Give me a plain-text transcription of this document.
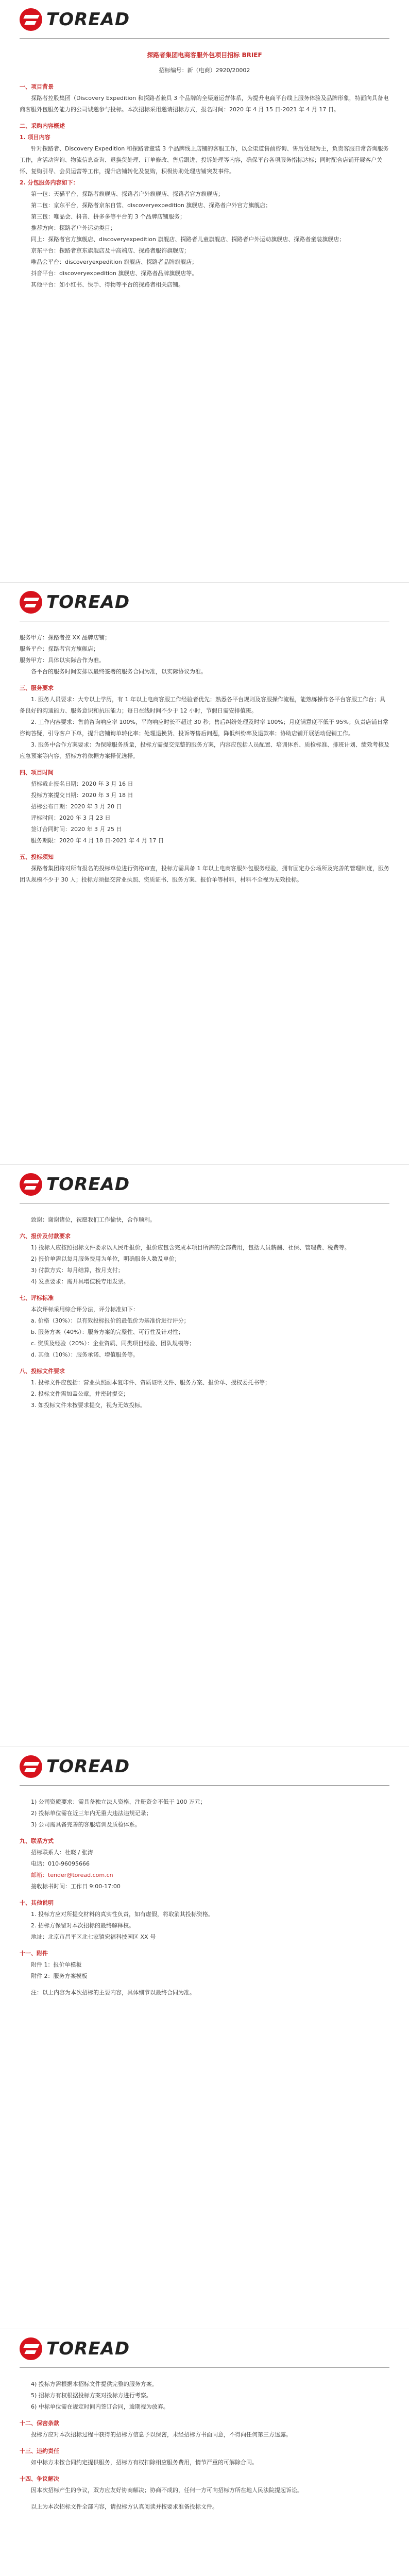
TOREAD

探路者集团电商客服外包项目招标 BRIEF

招标编号：新（电商）2920/20002

一、项目背景

探路者控股集团（Discovery Expedition 和探路者兼具 3 个品牌的全渠道运营体系，为提升电商平台线上服务体验及品牌形象，特面向具备电商客服外包服务能力的公司诚邀参与投标。本次招标采用邀请招标方式，报名时间：2020 年 4 月 15 日-2021 年 4 月 17 日。

二、采购内容概述

1. 项目内容

针对探路者、Discovery Expedition 和探路者童装 3 个品牌线上店铺的客服工作，以全渠道售前咨询、售后处理为主，负责客服日常咨询服务工作，含活动咨询、物流信息查询、退换货处理、订单修改、售后跟进、投诉处理等内容，确保平台各项服务指标达标；同时配合店铺开展客户关怀、复购引导、会员运营等工作，提升店铺转化及复购，积极协助处理店铺突发事件。

2. 分包服务内容如下：

第一包：天猫平台，探路者旗舰店、探路者户外旗舰店、探路者官方旗舰店；

第二包：京东平台，探路者京东自营、discoveryexpedition 旗舰店、探路者户外官方旗舰店；

第三包：唯品会、抖音、拼多多等平台的 3 个品牌店铺服务；

推荐方向：探路者户外运动类目；

同上：探路者官方旗舰店、discoveryexpedition 旗舰店、探路者儿童旗舰店、探路者户外运动旗舰店、探路者童装旗舰店；

京东平台：探路者京东旗舰店及中高端店、探路者服饰旗舰店；

唯品会平台：discoveryexpedition 旗舰店、探路者品牌旗舰店；

抖音平台：discoveryexpedition 旗舰店、探路者品牌旗舰店等。

其他平台：如小红书、快手、得物等平台的探路者相关店铺。

TOREAD

服务甲方：探路者控 XX 品牌店铺；

服务平台：探路者官方旗舰店；

服务甲方：具体以实际合作为准。

各平台的服务时间安排以最终签署的服务合同为准，以实际协议为准。

三、服务要求

1. 服务人员要求：大专以上学历，有 1 年以上电商客服工作经验者优先；熟悉各平台规则及客服操作流程，能熟练操作各平台客服工作台；具备良好的沟通能力、服务意识和抗压能力；每日在线时间不少于 12 小时，节假日需安排值班。

2. 工作内容要求：售前咨询响应率 100%，平均响应时长不超过 30 秒；售后纠纷处理及时率 100%；月度满意度不低于 95%；负责店铺日常咨询答疑，引导客户下单，提升店铺询单转化率；处理退换货、投诉等售后问题，降低纠纷率及退款率；协助店铺开展活动促销工作。

3. 服务中合作方案要求：为保障服务质量，投标方需提交完整的服务方案，内容应包括人员配置、培训体系、质检标准、排班计划、绩效考核及应急预案等内容，招标方将依据方案择优选择。

四、项目时间

招标截止报名日期：2020 年 3 月 16 日

投标方案提交日期：2020 年 3 月 18 日

招标公布日期：2020 年 3 月 20 日

评标时间：2020 年 3 月 23 日

签订合同时间：2020 年 3 月 25 日

服务期限：2020 年 4 月 18 日-2021 年 4 月 17 日

五、投标须知

探路者集团将对所有报名的投标单位进行资格审查，投标方需具备 1 年以上电商客服外包服务经验，拥有固定办公场所及完善的管理制度，服务团队规模不少于 30 人；投标方须提交营业执照、资质证书、服务方案、报价单等材料，材料不全视为无效投标。

TOREAD

致谢：谢谢诸位，祝愿我们工作愉快，合作顺利。

六、报价及付款要求

1) 投标人应按照招标文件要求以人民币报价，报价应包含完成本项目所需的全部费用，包括人员薪酬、社保、管理费、税费等。

2) 报价单需以每月服务费用为单位，明确服务人数及单价；

3) 付款方式：每月结算，按月支付；

4) 发票要求：需开具增值税专用发票。

七、评标标准

本次评标采用综合评分法，评分标准如下：

a. 价格（30%）：以有效投标报价的最低价为基准价进行评分；

b. 服务方案（40%）：服务方案的完整性、可行性及针对性；

c. 资质及经验（20%）：企业资质、同类项目经验、团队规模等；

d. 其他（10%）：服务承诺、增值服务等。

八、投标文件要求

1. 投标文件应包括：营业执照副本复印件、资质证明文件、服务方案、报价单、授权委托书等；

2. 投标文件需加盖公章，并密封提交；

3. 如投标文件未按要求提交，视为无效投标。

TOREAD

1) 公司资质要求：需具备独立法人资格，注册资金不低于 100 万元；

2) 投标单位需在近三年内无重大违法违规记录；

3) 公司需具备完善的客服培训及质检体系。

九、联系方式

招标联系人：杜晓 / 张涛

电话：010-96095666

邮箱：tender@toread.com.cn

接收标书时间：工作日 9:00-17:00

十、其他说明

1. 投标方应对所提交材料的真实性负责，如有虚假，将取消其投标资格。

2. 招标方保留对本次招标的最终解释权。

地址：北京市昌平区北七家镇宏福科技园区 XX 号

十一、附件

附件 1：报价单模板

附件 2：服务方案模板

注：以上内容为本次招标的主要内容，具体细节以最终合同为准。

TOREAD

4) 投标方需根据本招标文件提供完整的服务方案。

5) 招标方有权根据投标方案对投标方进行考察。

6) 中标单位需在规定时间内签订合同，逾期视为放弃。

十二、保密条款

投标方应对本次招标过程中获得的招标方信息予以保密，未经招标方书面同意，不得向任何第三方透露。

十三、违约责任

如中标方未按合同约定提供服务，招标方有权扣除相应服务费用，情节严重的可解除合同。

十四、争议解决

因本次招标产生的争议，双方应友好协商解决；协商不成的，任何一方可向招标方所在地人民法院提起诉讼。

以上为本次招标文件全部内容，请投标方认真阅读并按要求准备投标文件。
